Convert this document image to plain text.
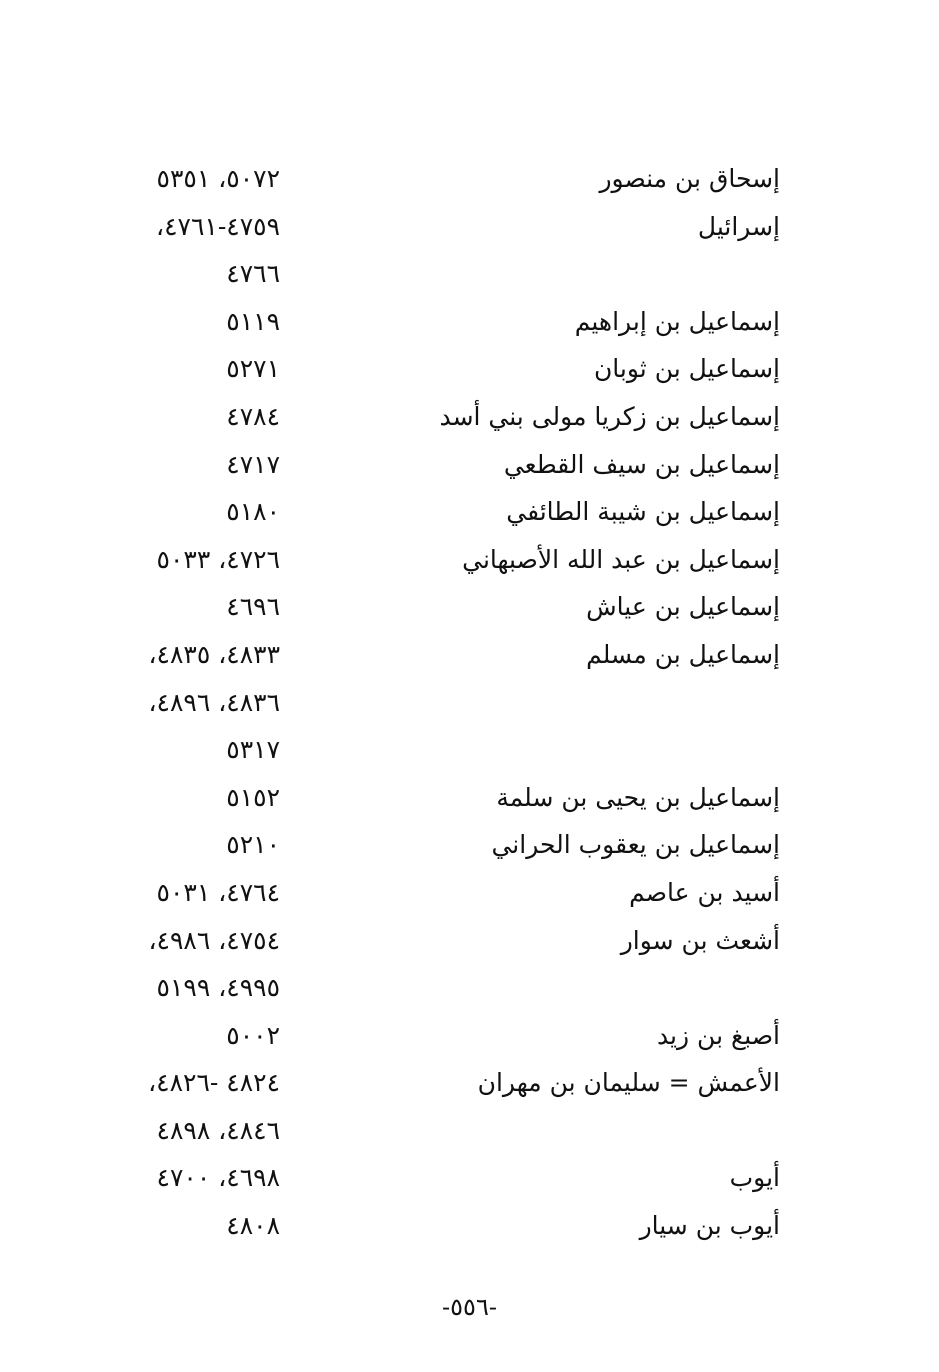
إسحاق بن منصور
٥٠٧٢، ٥٣٥١
إسرائيل
٤٧٥٩-٤٧٦١،
٤٧٦٦
إسماعيل بن إبراهيم
٥١١٩
إسماعيل بن ثوبان
٥٢٧١
إسماعيل بن زكريا مولى بني أسد
٤٧٨٤
إسماعيل بن سيف القطعي
٤٧١٧
إسماعيل بن شيبة الطائفي
٥١٨٠
إسماعيل بن عبد الله الأصبهاني
٤٧٢٦، ٥٠٣٣
إسماعيل بن عياش
٤٦٩٦
إسماعيل بن مسلم
٤٨٣٣، ٤٨٣٥،
٤٨٣٦، ٤٨٩٦،
٥٣١٧
إسماعيل بن يحيى بن سلمة
٥١٥٢
إسماعيل بن يعقوب الحراني
٥٢١٠
أسيد بن عاصم
٤٧٦٤، ٥٠٣١
أشعث بن سوار
٤٧٥٤، ٤٩٨٦،
٤٩٩٥، ٥١٩٩
أصبغ بن زيد
٥٠٠٢
الأعمش = سليمان بن مهران
٤٨٢٤ -٤٨٢٦،
٤٨٤٦، ٤٨٩٨
أيوب
٤٦٩٨، ٤٧٠٠
أيوب بن سيار
٤٨٠٨
-٥٥٦-
